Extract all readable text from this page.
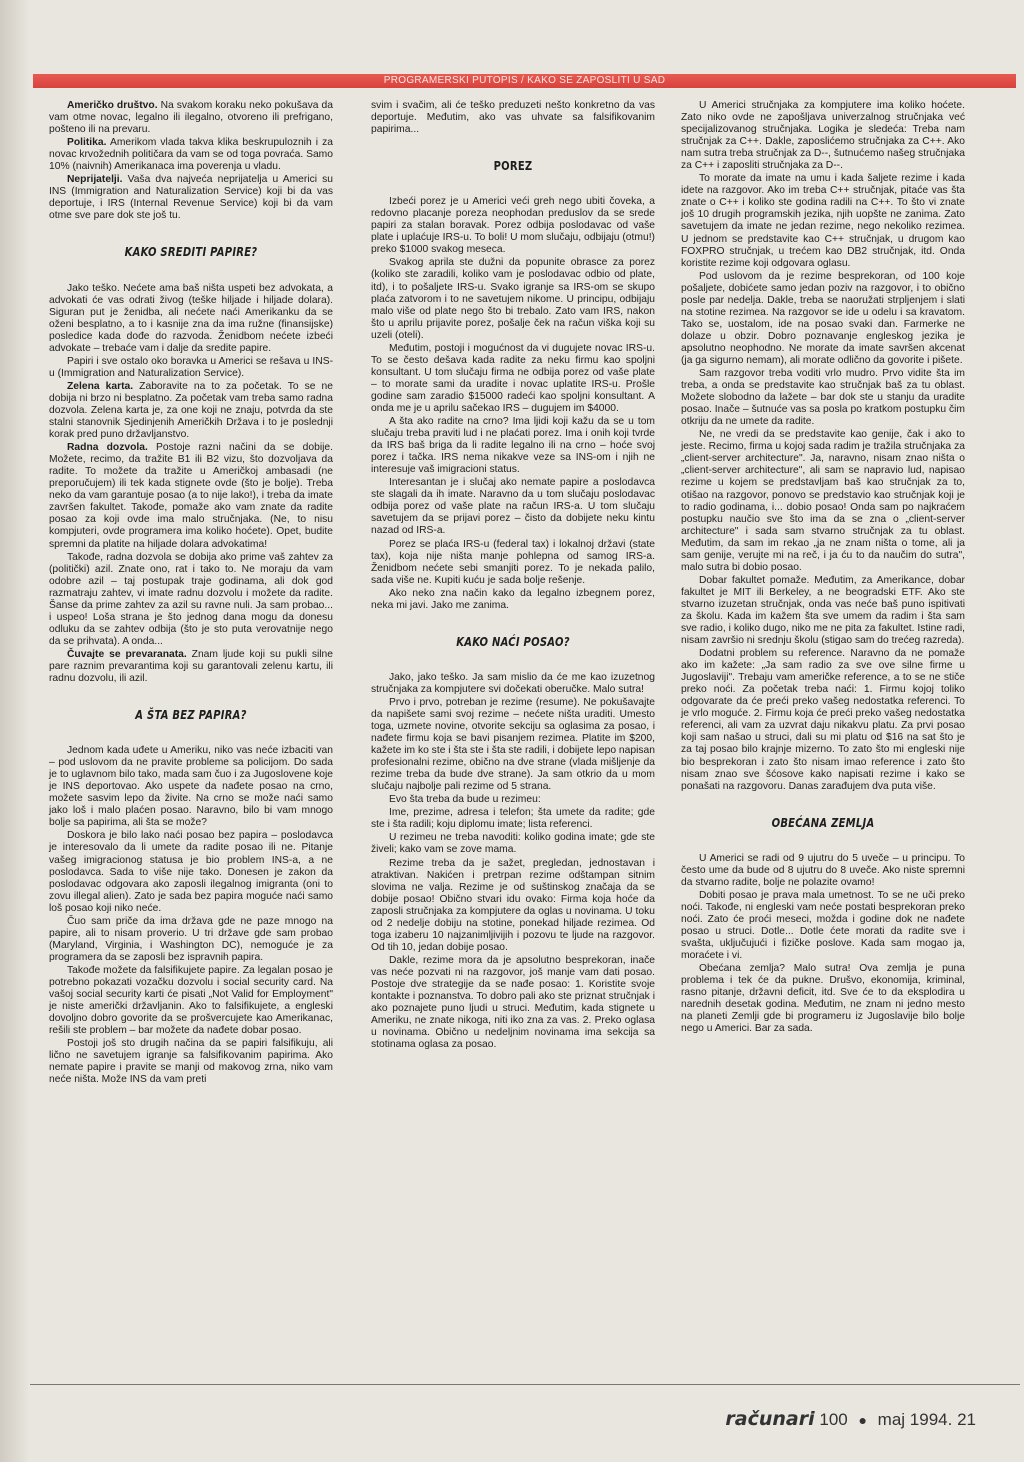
PROGRAMERSKI PUTOPIS / KAKO SE ZAPOSLITI U SAD

Američko društvo. Na svakom koraku neko pokušava da vam otme novac, legalno ili ilegalno, otvoreno ili prefrigano, pošteno ili na prevaru.

Politika. Amerikom vlada takva klika beskrupuloznih i za novac krvožednih političara da vam se od toga povraća. Samo 10% (naivnih) Amerikanaca ima poverenja u vladu.

Neprijatelji. Vaša dva najveća neprijatelja u Americi su INS (Immigration and Naturalization Service) koji bi da vas deportuje, i IRS (Internal Revenue Service) koji bi da vam otme sve pare dok ste još tu.

KAKO SREDITI PAPIRE?

Jako teško. Nećete ama baš ništa uspeti bez advokata, a advokati će vas odrati živog (teške hiljade i hiljade dolara). Siguran put je ženidba, ali nećete naći Amerikanku da se oženi besplatno, a to i kasnije zna da ima ružne (finansijske) posledice kada dođe do razvoda. Ženidbom nećete izbeći advokate – trebaće vam i dalje da sredite papire.

Papiri i sve ostalo oko boravka u Americi se rešava u INS-u (Immigration and Naturalization Service).

Zelena karta. Zaboravite na to za početak. To se ne dobija ni brzo ni besplatno. Za početak vam treba samo radna dozvola. Zelena karta je, za one koji ne znaju, potvrda da ste stalni stanovnik Sjedinjenih Američkih Država i to je poslednji korak pred puno državljanstvo.

Radna dozvola. Postoje razni načini da se dobije. Možete, recimo, da tražite B1 ili B2 vizu, što dozvoljava da radite. To možete da tražite u Američkoj ambasadi (ne preporučujem) ili tek kada stignete ovde (što je bolje). Treba neko da vam garantuje posao (a to nije lako!), i treba da imate završen fakultet. Takođe, pomaže ako vam znate da radite posao za koji ovde ima malo stručnjaka. (Ne, to nisu kompjuteri, ovde programera ima koliko hoćete). Opet, budite spremni da platite na hiljade dolara advokatima!

Takođe, radna dozvola se dobija ako prime vaš zahtev za (politički) azil. Znate ono, rat i tako to. Ne moraju da vam odobre azil – taj postupak traje godinama, ali dok god razmatraju zahtev, vi imate radnu dozvolu i možete da radite. Šanse da prime zahtev za azil su ravne nuli. Ja sam probao... i uspeo! Loša strana je što jednog dana mogu da donesu odluku da se zahtev odbija (što je sto puta verovatnije nego da se prihvata). A onda...

Čuvajte se prevaranata. Znam ljude koji su pukli silne pare raznim prevarantima koji su garantovali zelenu kartu, ili radnu dozvolu, ili azil.

A ŠTA BEZ PAPIRA?

Jednom kada uđete u Ameriku, niko vas neće izbaciti van – pod uslovom da ne pravite probleme sa policijom. Do sada je to uglavnom bilo tako, mada sam čuo i za Jugoslovene koje je INS deportovao. Ako uspete da nađete posao na crno, možete sasvim lepo da živite. Na crno se može naći samo jako loš i malo plaćen posao. Naravno, bilo bi vam mnogo bolje sa papirima, ali šta se može?

Doskora je bilo lako naći posao bez papira – poslodavca je interesovalo da li umete da radite posao ili ne. Pitanje vašeg imigracionog statusa je bio problem INS-a, a ne poslodavca. Sada to više nije tako. Donesen je zakon da poslodavac odgovara ako zaposli ilegalnog imigranta (oni to zovu illegal alien). Zato je sada bez papira moguće naći samo loš posao koji niko neće.

Čuo sam priče da ima država gde ne paze mnogo na papire, ali to nisam proverio. U tri države gde sam probao (Maryland, Virginia, i Washington DC), nemoguće je za programera da se zaposli bez ispravnih papira.

Takođe možete da falsifikujete papire. Za legalan posao je potrebno pokazati vozačku dozvolu i social security card. Na vašoj social security karti će pisati „Not Valid for Employment" je niste američki državljanin. Ako to falsifikujete, a engleski dovoljno dobro govorite da se prošvercujete kao Amerikanac, rešili ste problem – bar možete da nađete dobar posao.

Postoji još sto drugih načina da se papiri falsifikuju, ali lično ne savetujem igranje sa falsifikovanim papirima. Ako nemate papire i pravite se manji od makovog zrna, niko vam neće ništa. Može INS da vam preti

svim i svačim, ali će teško preduzeti nešto konkretno da vas deportuje. Međutim, ako vas uhvate sa falsifikovanim papirima...

POREZ

Izbeći porez je u Americi veći greh nego ubiti čoveka, a redovno placanje poreza neophodan preduslov da se srede papiri za stalan boravak. Porez odbija poslodavac od vaše plate i uplaćuje IRS-u. To boli! U mom slučaju, odbijaju (otmu!) preko $1000 svakog meseca.

Svakog aprila ste dužni da popunite obrasce za porez (koliko ste zaradili, koliko vam je poslodavac odbio od plate, itd), i to pošaljete IRS-u. Svako igranje sa IRS-om se skupo plaća zatvorom i to ne savetujem nikome. U principu, odbijaju malo više od plate nego što bi trebalo. Zato vam IRS, nakon što u aprilu prijavite porez, pošalje ček na račun viška koji su uzeli (oteli).

Međutim, postoji i mogućnost da vi dugujete novac IRS-u. To se često dešava kada radite za neku firmu kao spoljni konsultant. U tom slučaju firma ne odbija porez od vaše plate – to morate sami da uradite i novac uplatite IRS-u. Prošle godine sam zaradio $15000 radeći kao spoljni konsultant. A onda me je u aprilu sačekao IRS – dugujem im $4000.

A šta ako radite na crno? Ima ljidi koji kažu da se u tom slučaju treba praviti lud i ne plaćati porez. Ima i onih koji tvrde da IRS baš briga da li radite legalno ili na crno – hoće svoj porez i tačka. IRS nema nikakve veze sa INS-om i njih ne interesuje vaš imigracioni status.

Interesantan je i slučaj ako nemate papire a poslodavca ste slagali da ih imate. Naravno da u tom slučaju poslodavac odbija porez od vaše plate na račun IRS-a. U tom slučaju savetujem da se prijavi porez – čisto da dobijete neku kintu nazad od IRS-a.

Porez se plaća IRS-u (federal tax) i lokalnoj državi (state tax), koja nije ništa manje pohlepna od samog IRS-a. Ženidbom nećete sebi smanjiti porez. To je nekada palilo, sada više ne. Kupiti kuću je sada bolje rešenje.

Ako neko zna način kako da legalno izbegnem porez, neka mi javi. Jako me zanima.

KAKO NAĆI POSAO?

Jako, jako teško. Ja sam mislio da će me kao izuzetnog stručnjaka za kompjutere svi dočekati oberučke. Malo sutra!

Prvo i prvo, potreban je rezime (resume). Ne pokušavajte da napišete sami svoj rezime – nećete ništa uraditi. Umesto toga, uzmete novine, otvorite sekciju sa oglasima za posao, i nađete firmu koja se bavi pisanjem rezimea. Platite im $200, kažete im ko ste i šta ste i šta ste radili, i dobijete lepo napisan profesionalni rezime, obično na dve strane (vlada mišljenje da rezime treba da bude dve strane). Ja sam otkrio da u mom slučaju najbolje pali rezime od 5 strana.

Evo šta treba da bude u rezimeu:

Ime, prezime, adresa i telefon; šta umete da radite; gde ste i šta radili; koju diplomu imate; lista referenci.

U rezimeu ne treba navoditi: koliko godina imate; gde ste živeli; kako vam se zove mama.

Rezime treba da je sažet, pregledan, jednostavan i atraktivan. Nakićen i pretrpan rezime odštampan sitnim slovima ne valja. Rezime je od suštinskog značaja da se dobije posao! Obično stvari idu ovako: Firma koja hoće da zaposli stručnjaka za kompjutere da oglas u novinama. U toku od 2 nedelje dobiju na stotine, ponekad hiljade rezimea. Od toga izaberu 10 najzanimljivijih i pozovu te ljude na razgovor. Od tih 10, jedan dobije posao.

Dakle, rezime mora da je apsolutno besprekoran, inače vas neće pozvati ni na razgovor, još manje vam dati posao. Postoje dve strategije da se nađe posao: 1. Koristite svoje kontakte i poznanstva. To dobro pali ako ste priznat stručnjak i ako poznajete puno ljudi u struci. Međutim, kada stignete u Ameriku, ne znate nikoga, niti iko zna za vas. 2. Preko oglasa u novinama. Obično u nedeljnim novinama ima sekcija sa stotinama oglasa za posao.

U Americi stručnjaka za kompjutere ima koliko hoćete. Zato niko ovde ne zapošljava univerzalnog stručnjaka već specijalizovanog stručnjaka. Logika je sledeća: Treba nam stručnjak za C++. Dakle, zaposlićemo stručnjaka za C++. Ako nam sutra treba stručnjak za D--, šutnućemo našeg stručnjaka za C++ i zaposliti stručnjaka za D--.

To morate da imate na umu i kada šaljete rezime i kada idete na razgovor. Ako im treba C++ stručnjak, pitaće vas šta znate o C++ i koliko ste godina radili na C++. To što vi znate još 10 drugih programskih jezika, njih uopšte ne zanima. Zato savetujem da imate ne jedan rezime, nego nekoliko rezimea. U jednom se predstavite kao C++ stručnjak, u drugom kao FOXPRO stručnjak, u trećem kao DB2 stručnjak, itd. Onda koristite rezime koji odgovara oglasu.

Pod uslovom da je rezime besprekoran, od 100 koje pošaljete, dobićete samo jedan poziv na razgovor, i to obično posle par nedelja. Dakle, treba se naoružati strpljenjem i slati na stotine rezimea. Na razgovor se ide u odelu i sa kravatom. Tako se, uostalom, ide na posao svaki dan. Farmerke ne dolaze u obzir. Dobro poznavanje engleskog jezika je apsolutno neophodno. Ne morate da imate savršen akcenat (ja ga sigurno nemam), ali morate odlično da govorite i pišete.

Sam razgovor treba voditi vrlo mudro. Prvo vidite šta im treba, a onda se predstavite kao stručnjak baš za tu oblast. Možete slobodno da lažete – bar dok ste u stanju da uradite posao. Inače – šutnuće vas sa posla po kratkom postupku čim otkriju da ne umete da radite.

Ne, ne vredi da se predstavite kao genije, čak i ako to jeste. Recimo, firma u kojoj sada radim je tražila stručnjaka za „client-server architecture". Ja, naravno, nisam znao ništa o „client-server architecture", ali sam se napravio lud, napisao rezime u kojem se predstavljam baš kao stručnjak za to, otišao na razgovor, ponovo se predstavio kao stručnjak koji je to radio godinama, i... dobio posao! Onda sam po najkraćem postupku naučio sve što ima da se zna o „client-server architecture" i sada sam stvarno stručnjak za tu oblast. Međutim, da sam im rekao „ja ne znam ništa o tome, ali ja sam genije, verujte mi na reč, i ja ću to da naučim do sutra", malo sutra bi dobio posao.

Dobar fakultet pomaže. Međutim, za Amerikance, dobar fakultet je MIT ili Berkeley, a ne beogradski ETF. Ako ste stvarno izuzetan stručnjak, onda vas neće baš puno ispitivati za školu. Kada im kažem šta sve umem da radim i šta sam sve radio, i koliko dugo, niko me ne pita za fakultet. Istine radi, nisam završio ni srednju školu (stigao sam do trećeg razreda).

Dodatni problem su reference. Naravno da ne pomaže ako im kažete: „Ja sam radio za sve ove silne firme u Jugoslaviji". Trebaju vam američke reference, a to se ne stiče preko noći. Za početak treba naći: 1. Firmu kojoj toliko odgovarate da će preći preko vašeg nedostatka referenci. To je vrlo moguće. 2. Firmu koja će preći preko vašeg nedostatka referenci, ali vam za uzvrat daju nikakvu platu. Za prvi posao koji sam našao u struci, dali su mi platu od $16 na sat što je za taj posao bilo krajnje mizerno. To zato što mi engleski nije bio besprekoran i zato što nisam imao reference i zato što nisam znao sve šćosove kako napisati rezime i kako se ponašati na razgovoru. Danas zarađujem dva puta više.

OBEĆANA ZEMLJA

U Americi se radi od 9 ujutru do 5 uveče – u principu. To često ume da bude od 8 ujutru do 8 uveče. Ako niste spremni da stvarno radite, bolje ne polazite ovamo!

Dobiti posao je prava mala umetnost. To se ne uči preko noći. Takođe, ni engleski vam neće postati besprekoran preko noći. Zato će proći meseci, možda i godine dok ne nađete posao u struci. Dotle... Dotle ćete morati da radite sve i svašta, uključujući i fizičke poslove. Kada sam mogao ja, moraćete i vi.

Obećana zemlja? Malo sutra! Ova zemlja je puna problema i tek će da pukne. Drušvo, ekonomija, kriminal, rasno pitanje, državni deficit, itd. Sve će to da eksplodira u narednih desetak godina. Međutim, ne znam ni jedno mesto na planeti Zemlji gde bi programeru iz Jugoslavije bilo bolje nego u Americi. Bar za sada.

računari 100 ● maj 1994. 21
